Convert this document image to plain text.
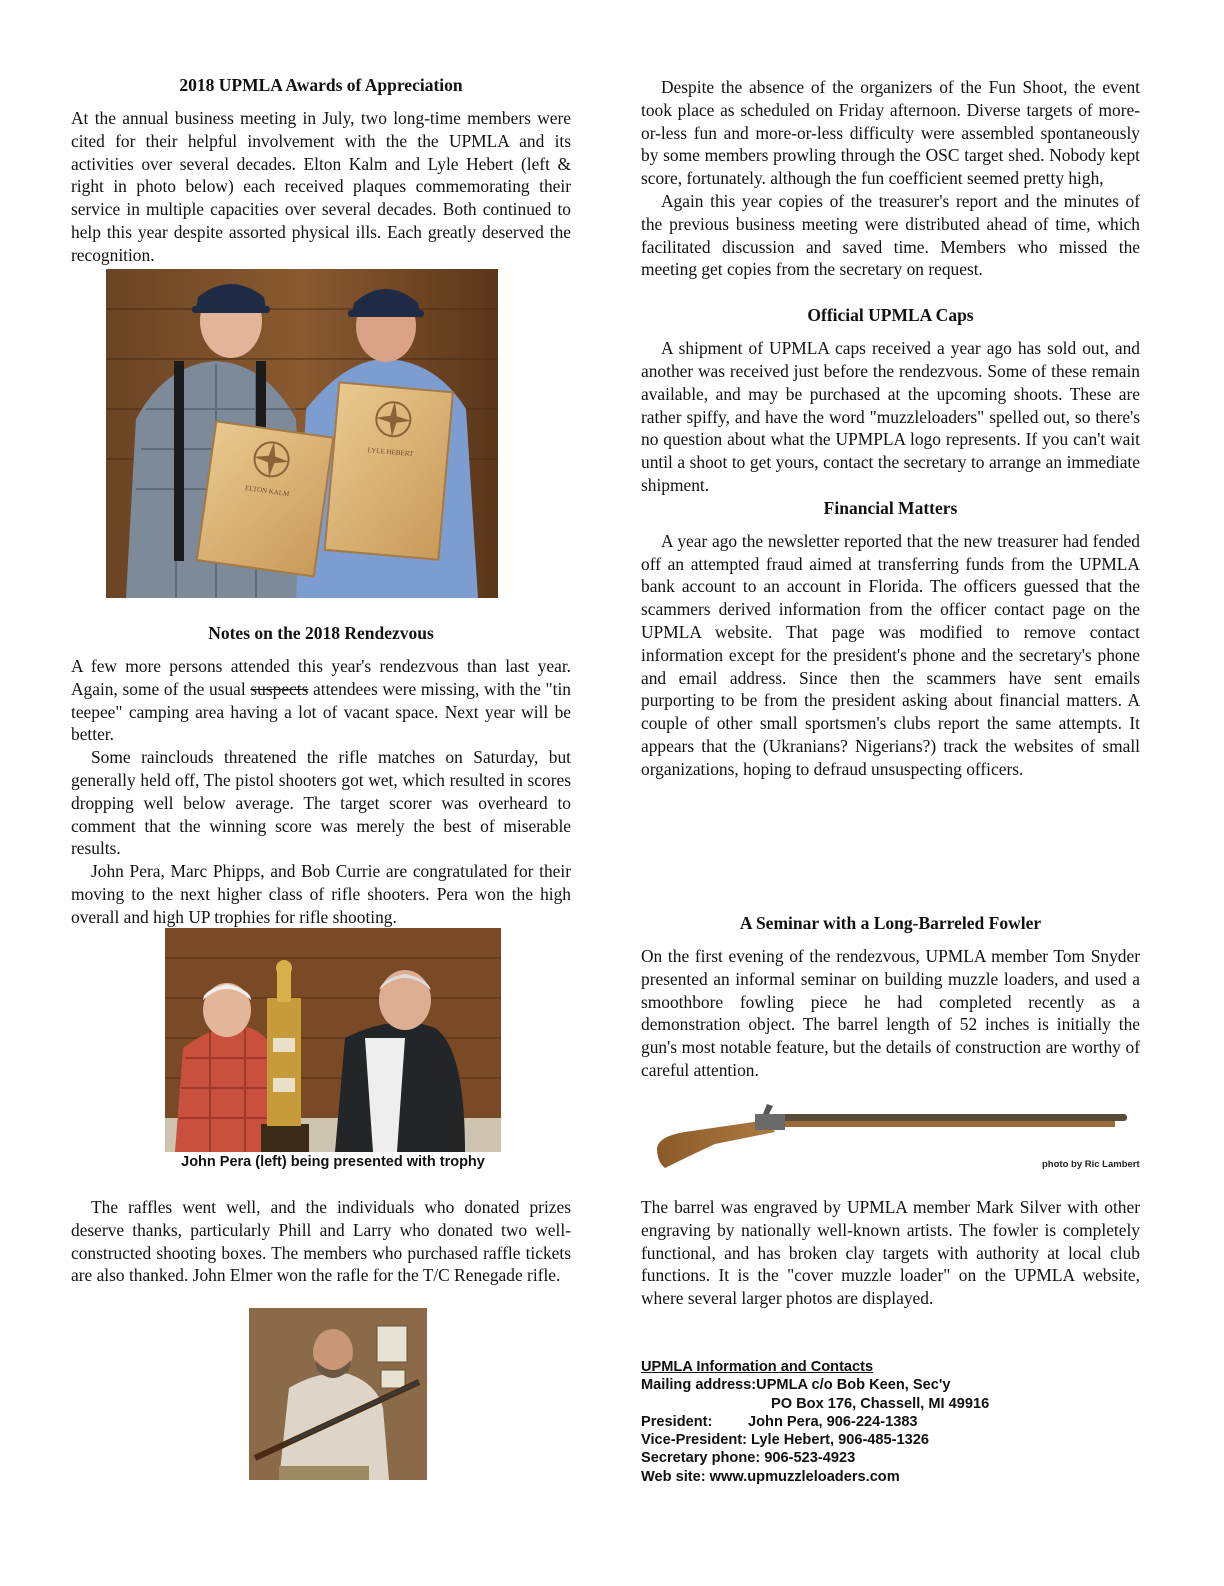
2018 UPMLA Awards of Appreciation

At the annual business meeting in July, two long-time members were cited for their helpful involvement with the the UPMLA and its activities over several decades. Elton Kalm and Lyle Hebert (left & right in photo below) each received plaques commemorating their service in multiple capacities over several decades. Both continued to help this year despite assorted physical ills. Each greatly deserved the recognition.

ELTON KALM
LYLE HEBERT

Notes on the 2018 Rendezvous

A few more persons attended this year's rendezvous than last year. Again, some of the usual suspects attendees were missing, with the "tin teepee" camping area having a lot of vacant space. Next year will be better.

Some rainclouds threatened the rifle matches on Saturday, but generally held off, The pistol shooters got wet, which resulted in scores dropping well below average. The target scorer was overheard to comment that the winning score was merely the best of miserable results.

John Pera, Marc Phipps, and Bob Currie are congratulated for their moving to the next higher class of rifle shooters. Pera won the high overall and high UP trophies for rifle shooting.

John Pera (left) being presented with trophy

The raffles went well, and the individuals who donated prizes deserve thanks, particularly Phill and Larry who donated two well-constructed shooting boxes. The members who purchased raffle tickets are also thanked. John Elmer won the rafle for the T/C Renegade rifle.

Despite the absence of the organizers of the Fun Shoot, the event took place as scheduled on Friday afternoon. Diverse targets of more-or-less fun and more-or-less difficulty were assembled spontaneously by some members prowling through the OSC target shed. Nobody kept score, fortunately. although the fun coefficient seemed pretty high,

Again this year copies of the treasurer's report and the minutes of the previous business meeting were distributed ahead of time, which facilitated discussion and saved time. Members who missed the meeting get copies from the secretary on request.

Official UPMLA Caps

A shipment of UPMLA caps received a year ago has sold out, and another was received just before the rendezvous. Some of these remain available, and may be purchased at the upcoming shoots. These are rather spiffy, and have the word "muzzleloaders" spelled out, so there's no question about what the UPMPLA logo represents. If you can't wait until a shoot to get yours, contact the secretary to arrange an immediate shipment.

Financial Matters

A year ago the newsletter reported that the new treasurer had fended off an attempted fraud aimed at transferring funds from the UPMLA bank account to an account in Florida. The officers guessed that the scammers derived information from the officer contact page on the UPMLA website. That page was modified to remove contact information except for the president's phone and the secretary's phone and email address. Since then the scammers have sent emails purporting to be from the president asking about financial matters. A couple of other small sportsmen's clubs report the same attempts. It appears that the (Ukranians? Nigerians?) track the websites of small organizations, hoping to defraud unsuspecting officers.

A Seminar with a Long-Barreled Fowler

On the first evening of the rendezvous, UPMLA member Tom Snyder presented an informal seminar on building muzzle loaders, and used a smoothbore fowling piece he had completed recently as a demonstration object. The barrel length of 52 inches is initially the gun's most notable feature, but the details of construction are worthy of careful attention.

photo by Ric Lambert

The barrel was engraved by UPMLA member Mark Silver with other engraving by nationally well-known artists. The fowler is completely functional, and has broken clay targets with authority at local club functions. It is the "cover muzzle loader" on the UPMLA website, where several larger photos are displayed.

UPMLA Information and Contacts
Mailing address: UPMLA c/o Bob Keen, Sec'y
PO Box 176, Chassell, MI 49916
President:	John Pera, 906-224-1383
Vice-President:
Lyle Hebert, 906-485-1326
Secretary phone:
906-523-4923
Web site:
www.upmuzzleloaders.com
